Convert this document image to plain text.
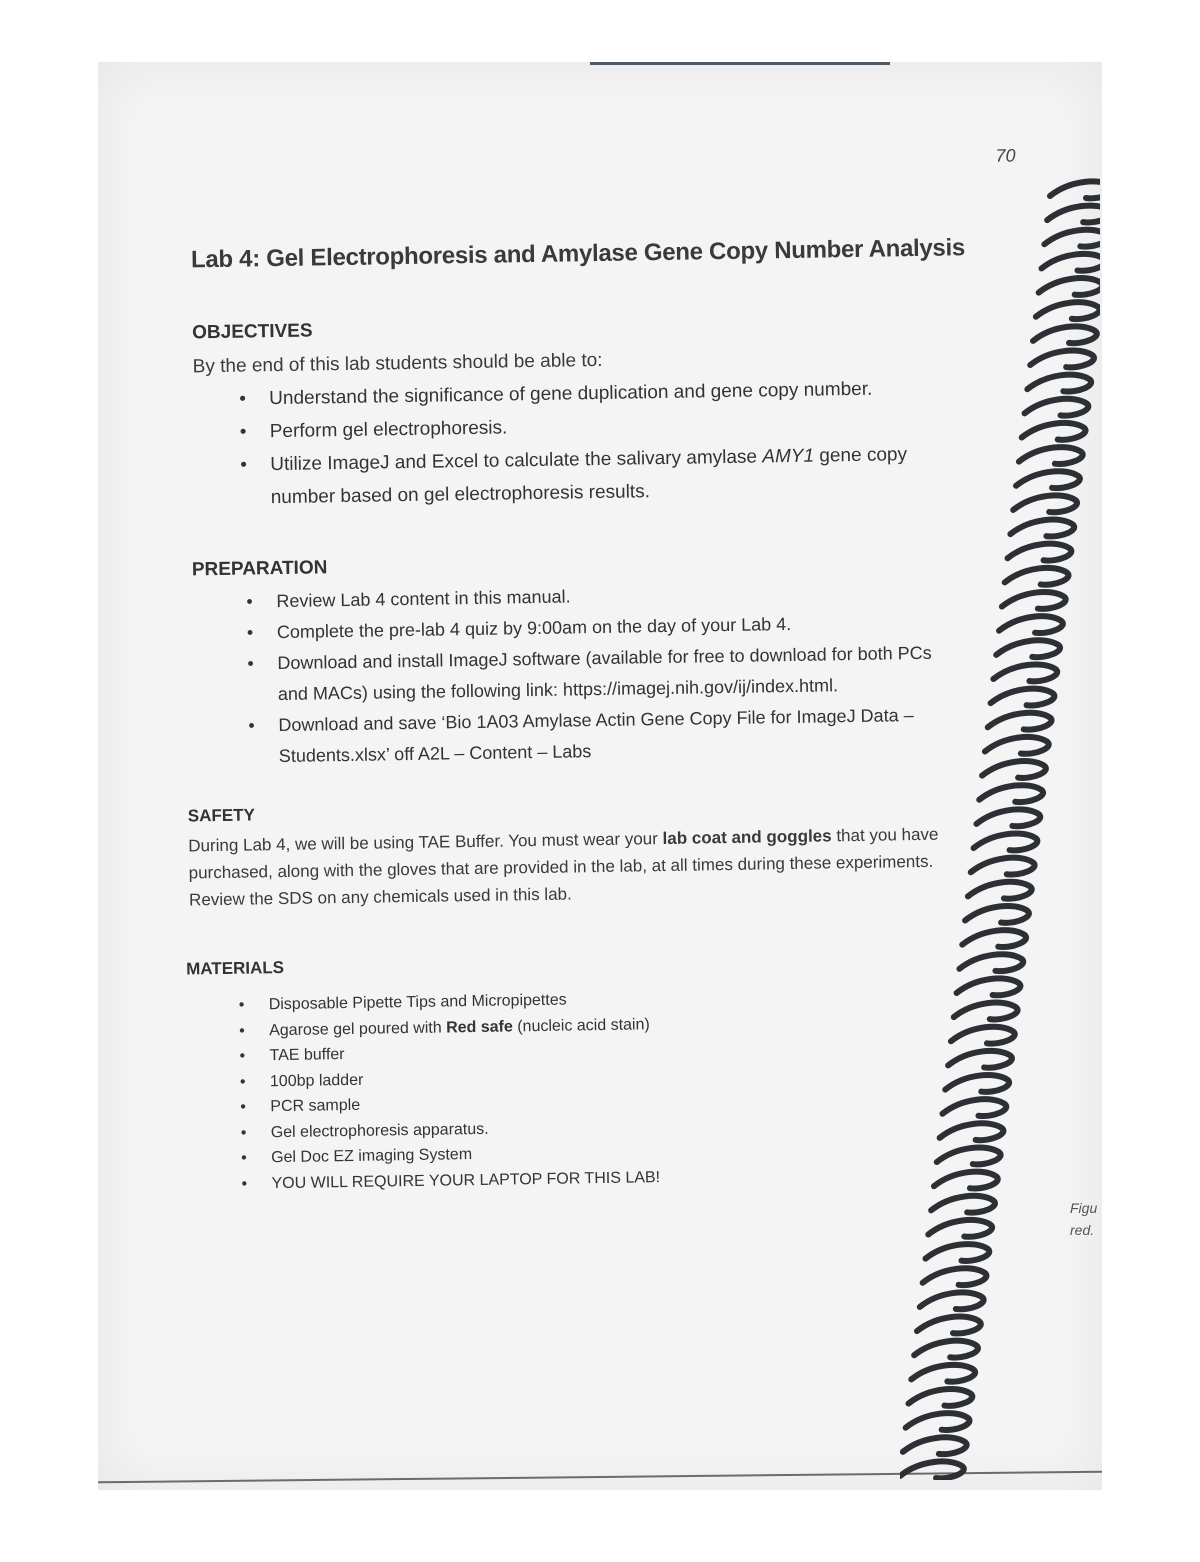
70
Lab 4: Gel Electrophoresis and Amylase Gene Copy Number Analysis
OBJECTIVES
By the end of this lab students should be able to:
• Understand the significance of gene duplication and gene copy number.
• Perform gel electrophoresis.
• Utilize ImageJ and Excel to calculate the salivary amylase AMY1 gene copy number based on gel electrophoresis results.
PREPARATION
• Review Lab 4 content in this manual.
• Complete the pre-lab 4 quiz by 9:00am on the day of your Lab 4.
• Download and install ImageJ software (available for free to download for both PCs and MACs) using the following link: https://imagej.nih.gov/ij/index.html.
• Download and save ‘Bio 1A03 Amylase Actin Gene Copy File for ImageJ Data – Students.xlsx’ off A2L – Content – Labs
SAFETY
During Lab 4, we will be using TAE Buffer. You must wear your lab coat and goggles that you have purchased, along with the gloves that are provided in the lab, at all times during these experiments. Review the SDS on any chemicals used in this lab.
MATERIALS
• Disposable Pipette Tips and Micropipettes
• Agarose gel poured with Red safe (nucleic acid stain)
• TAE buffer
• 100bp ladder
• PCR sample
• Gel electrophoresis apparatus.
• Gel Doc EZ imaging System
• YOU WILL REQUIRE YOUR LAPTOP FOR THIS LAB!
Figu
red.
